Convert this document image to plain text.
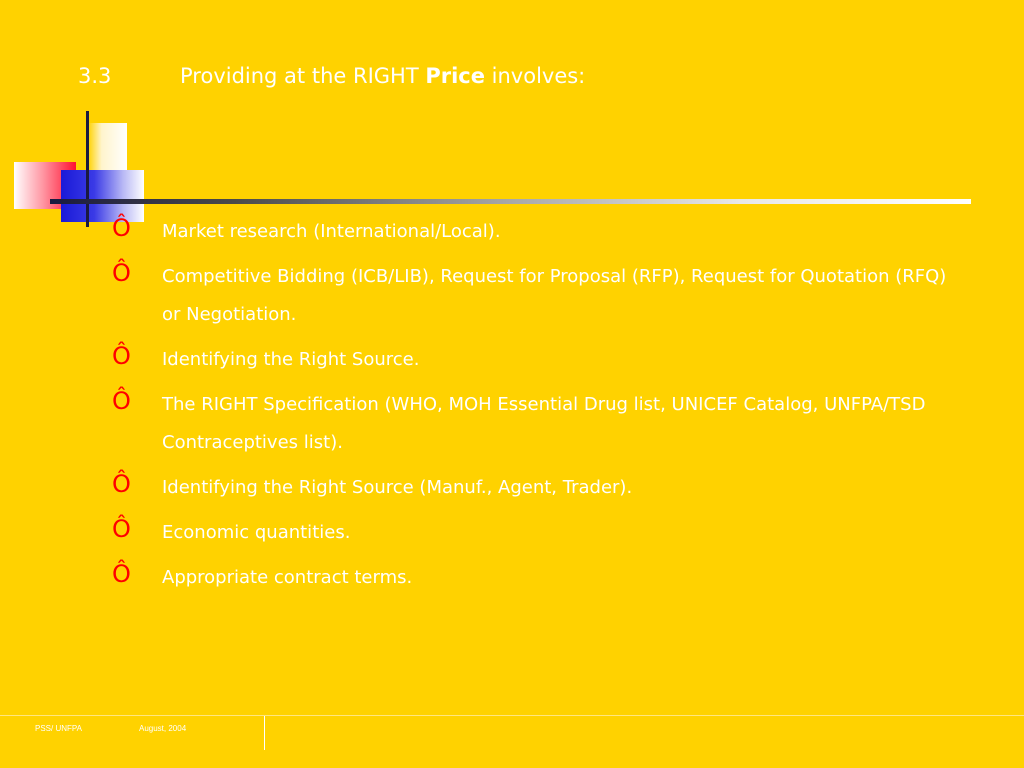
3.3	Providing at the RIGHT Price involves:
Ô Market research (International/Local).
Ô Competitive Bidding (ICB/LIB), Request for Proposal (RFP), Request for Quotation (RFQ) or Negotiation.
Ô Identifying the Right Source.
Ô The RIGHT Specification (WHO, MOH Essential Drug list, UNICEF Catalog, UNFPA/TSD Contraceptives list).
Ô Identifying the Right Source (Manuf., Agent, Trader).
Ô Economic quantities.
Ô Appropriate contract terms.
PSS/ UNFPA	August, 2004
